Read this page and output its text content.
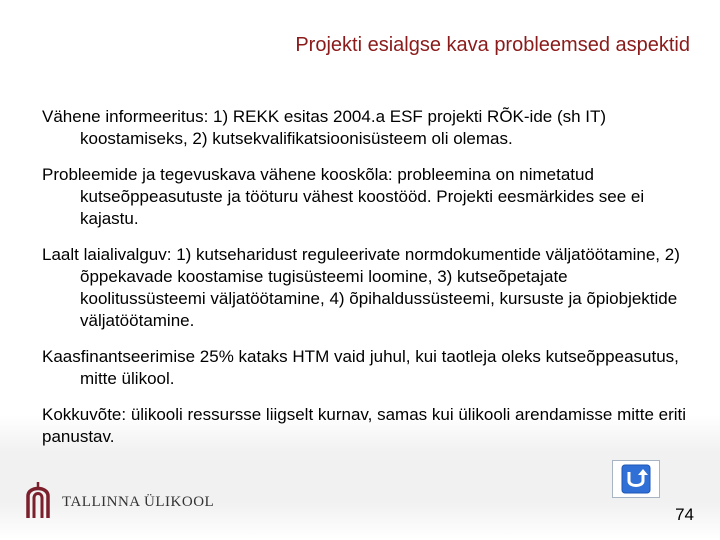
Projekti esialgse kava probleemsed aspektid

Vähene informeeritus: 1) REKK esitas 2004.a ESF projekti RÕK-ide (sh IT) koostamiseks, 2) kutsekvalifikatsioonisüsteem oli olemas.

Probleemide ja tegevuskava vähene kooskõla: probleemina on nimetatud kutseõppeasutuste ja tööturu vähest koostööd. Projekti eesmärkides see ei kajastu.

Laalt laialivalguv: 1) kutseharidust reguleerivate normdokumentide väljatöötamine, 2) õppekavade koostamise tugisüsteemi loomine, 3) kutseõpetajate koolitussüsteemi väljatöötamine, 4) õpihaldussüsteemi, kursuste ja õpiobjektide väljatöötamine.

Kaasfinantseerimise 25% kataks HTM vaid juhul, kui taotleja oleks kutseõppeasutus, mitte ülikool.

Kokkuvõte: ülikooli ressursse liigselt kurnav, samas kui ülikooli arendamisse mitte eriti panustav.

TALLINNA ÜLIKOOL
74
